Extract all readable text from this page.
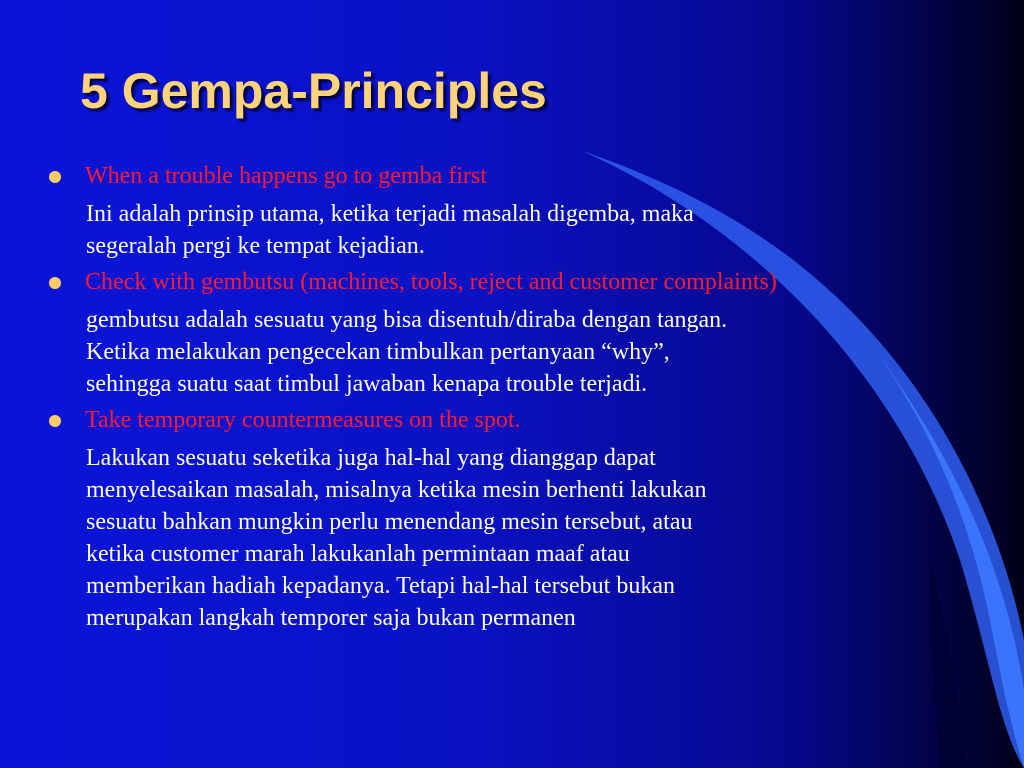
5 Gempa-Principles

When a trouble happens go to gemba first

Ini adalah prinsip utama, ketika terjadi masalah digemba, maka
segeralah pergi ke tempat kejadian.

Check with gembutsu (machines, tools, reject and customer complaints)

gembutsu adalah sesuatu yang bisa disentuh/diraba dengan tangan.
Ketika melakukan pengecekan timbulkan pertanyaan “why”,
sehingga suatu saat timbul jawaban kenapa trouble terjadi.

Take temporary countermeasures on the spot.

Lakukan sesuatu seketika juga hal-hal yang dianggap dapat
menyelesaikan masalah, misalnya ketika mesin berhenti lakukan
sesuatu bahkan mungkin perlu menendang mesin tersebut, atau
ketika customer marah lakukanlah permintaan maaf atau
memberikan hadiah kepadanya. Tetapi hal-hal tersebut bukan
merupakan langkah temporer saja bukan permanen
